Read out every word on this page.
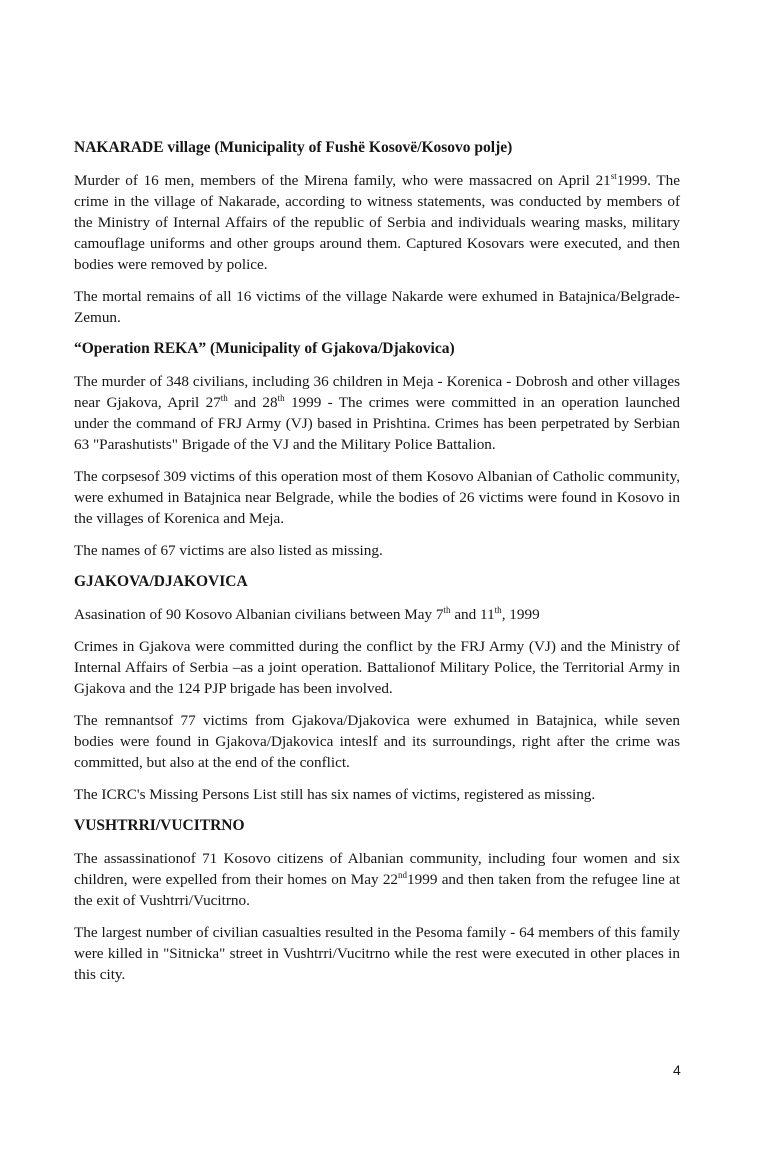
NAKARADE village (Municipality of Fushë Kosovë/Kosovo polje)

Murder of 16 men, members of the Mirena family, who were massacred on April 21st1999. The crime in the village of Nakarade, according to witness statements, was conducted by members of the Ministry of Internal Affairs of the republic of Serbia and individuals wearing masks, military camouflage uniforms and other groups around them. Captured Kosovars were executed, and then bodies were removed by police.

The mortal remains of all 16 victims of the village Nakarde were exhumed in Batajnica/Belgrade-Zemun.

“Operation REKA” (Municipality of Gjakova/Djakovica)

The murder of 348 civilians, including 36 children in Meja - Korenica - Dobrosh and other villages near Gjakova, April 27th and 28th 1999 - The crimes were committed in an operation launched under the command of FRJ Army (VJ) based in Prishtina. Crimes has been perpetrated by Serbian 63 "Parashutists" Brigade of the VJ and the Military Police Battalion.

The corpsesof 309 victims of this operation most of them Kosovo Albanian of Catholic community, were exhumed in Batajnica near Belgrade, while the bodies of 26 victims were found in Kosovo in the villages of Korenica and Meja.

The names of 67 victims are also listed as missing.

GJAKOVA/DJAKOVICA

Asasination of 90 Kosovo Albanian civilians between May 7th and 11th, 1999

Crimes in Gjakova were committed during the conflict by the FRJ Army (VJ) and the Ministry of Internal Affairs of Serbia –as a joint operation. Battalionof Military Police, the Territorial Army in Gjakova and the 124 PJP brigade has been involved.

The remnantsof 77 victims from Gjakova/Djakovica were exhumed in Batajnica, while seven bodies were found in Gjakova/Djakovica inteslf and its surroundings, right after the crime was committed, but also at the end of the conflict.

The ICRC's Missing Persons List still has six names of victims, registered as missing.

VUSHTRRI/VUCITRNO

The assassinationof 71 Kosovo citizens of Albanian community, including four women and six children, were expelled from their homes on May 22nd1999 and then taken from the refugee line at the exit of Vushtrri/Vucitrno.

The largest number of civilian casualties resulted in the Pesoma family - 64 members of this family were killed in "Sitnicka" street in Vushtrri/Vucitrno while the rest were executed in other places in this city.

4
